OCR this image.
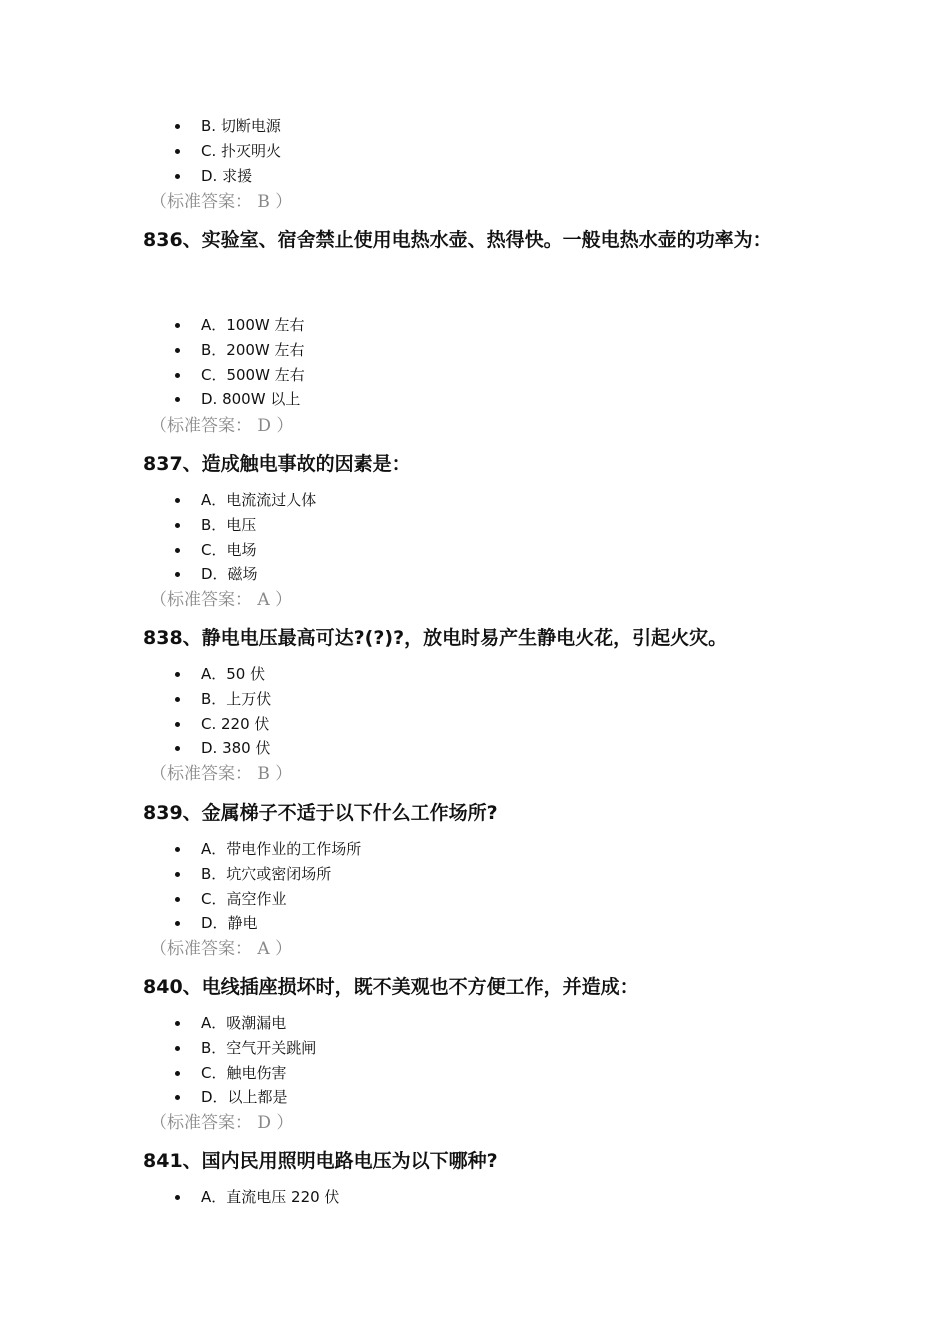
B. 切断电源
C. 扑灭明火
D. 求援
（标准答案： B ）
836、实验室、宿舍禁止使用电热水壶、热得快。一般电热水壶的功率为：
A．100W 左右
B．200W 左右
C．500W 左右
D. 800W 以上
（标准答案： D ）
837、造成触电事故的因素是：
A．电流流过人体
B．电压
C．电场
D．磁场
（标准答案： A ）
838、静电电压最高可达?(?)?，放电时易产生静电火花，引起火灾。
A．50 伏
B．上万伏
C. 220 伏
D. 380 伏
（标准答案： B ）
839、金属梯子不适于以下什么工作场所?
A．带电作业的工作场所
B．坑穴或密闭场所
C．高空作业
D．静电
（标准答案： A ）
840、电线插座损坏时，既不美观也不方便工作，并造成：
A．吸潮漏电
B．空气开关跳闸
C．触电伤害
D．以上都是
（标准答案： D ）
841、国内民用照明电路电压为以下哪种?
A．直流电压 220 伏
